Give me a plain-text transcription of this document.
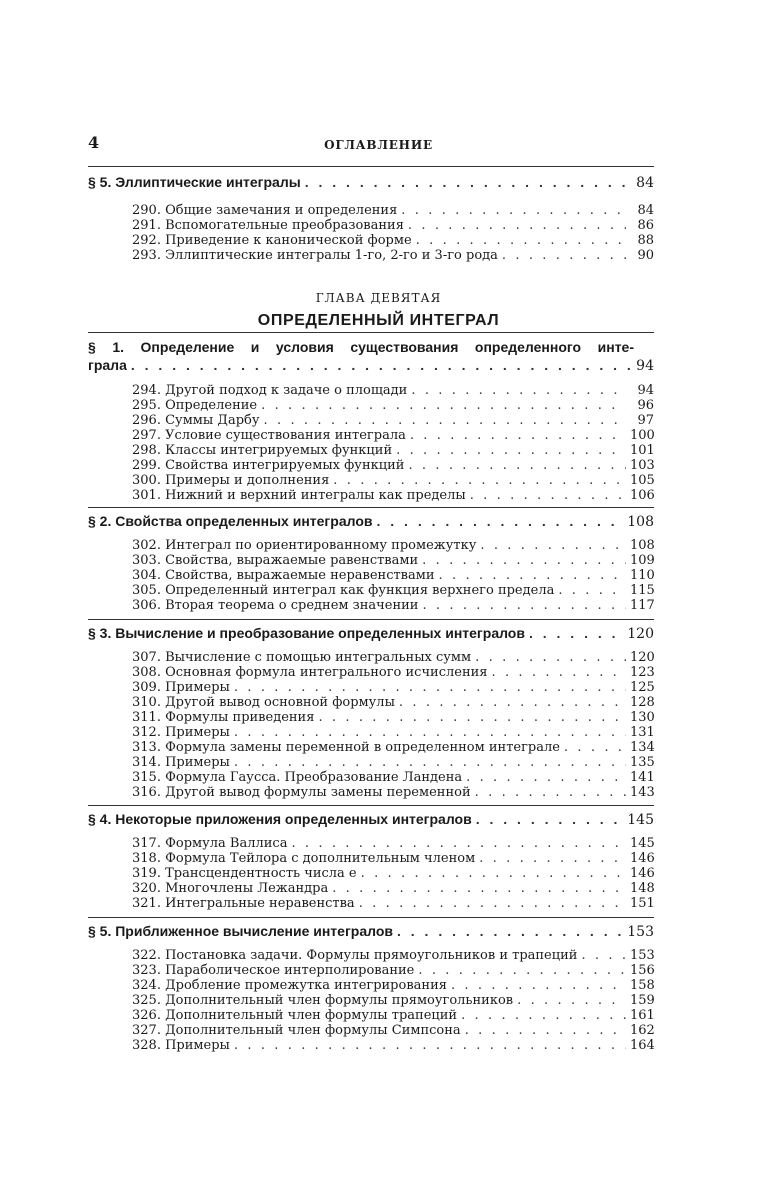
4	ОГЛАВЛЕНИЕ
§ 5. Эллиптические интегралы . . .	84
290. Общие замечания и определения . . .	84
291. Вспомогательные преобразования . . .	86
292. Приведение к канонической форме . . .	88
293. Эллиптические интегралы 1-го, 2-го и 3-го рода . . .	90
ГЛАВА ДЕВЯТАЯ
ОПРЕДЕЛЕННЫЙ ИНТЕГРАЛ
§ 1. Определение и условия существования определенного инте-
грала . . .	94
294. Другой подход к задаче о площади . . .	94
295. Определение . . .	96
296. Суммы Дарбу . . .	97
297. Условие существования интеграла . . .	100
298. Классы интегрируемых функций . . .	101
299. Свойства интегрируемых функций . . .	103
300. Примеры и дополнения . . .	105
301. Нижний и верхний интегралы как пределы . . .	106
§ 2. Свойства определенных интегралов . . .	108
302. Интеграл по ориентированному промежутку . . .	108
303. Свойства, выражаемые равенствами . . .	109
304. Свойства, выражаемые неравенствами . . .	110
305. Определенный интеграл как функция верхнего предела . . .	115
306. Вторая теорема о среднем значении . . .	117
§ 3. Вычисление и преобразование определенных интегралов . . .	120
307. Вычисление с помощью интегральных сумм . . .	120
308. Основная формула интегрального исчисления . . .	123
309. Примеры . . .	125
310. Другой вывод основной формулы . . .	128
311. Формулы приведения . . .	130
312. Примеры . . .	131
313. Формула замены переменной в определенном интеграле . . .	134
314. Примеры . . .	135
315. Формула Гаусса. Преобразование Ландена . . .	141
316. Другой вывод формулы замены переменной . . .	143
§ 4. Некоторые приложения определенных интегралов . . .	145
317. Формула Валлиса . . .	145
318. Формула Тейлора с дополнительным членом . . .	146
319. Трансцендентность числа e . . .	146
320. Многочлены Лежандра . . .	148
321. Интегральные неравенства . . .	151
§ 5. Приближенное вычисление интегралов . . .	153
322. Постановка задачи. Формулы прямоугольников и трапеций . . .	153
323. Параболическое интерполирование . . .	156
324. Дробление промежутка интегрирования . . .	158
325. Дополнительный член формулы прямоугольников . . .	159
326. Дополнительный член формулы трапеций . . .	161
327. Дополнительный член формулы Симпсона . . .	162
328. Примеры . . .	164
